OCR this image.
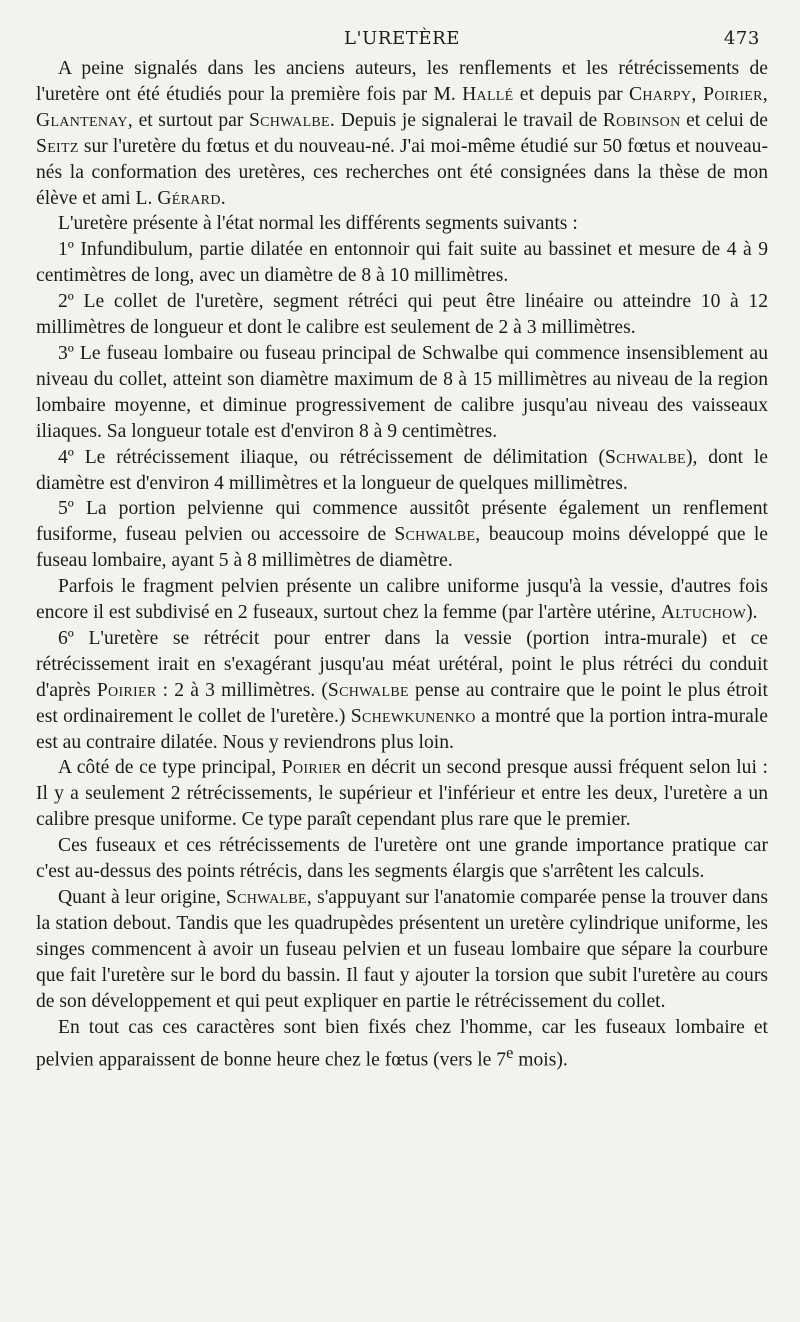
L'URETÈRE	473

A peine signalés dans les anciens auteurs, les renflements et les rétrécissements de l'uretère ont été étudiés pour la première fois par M. Hallé et depuis par Charpy, Poirier, Glantenay, et surtout par Schwalbe. Depuis je signalerai le travail de Robinson et celui de Seitz sur l'uretère du fœtus et du nouveau-né. J'ai moi-même étudié sur 50 fœtus et nouveau-nés la conformation des uretères, ces recherches ont été consignées dans la thèse de mon élève et ami L. Gérard.

L'uretère présente à l'état normal les différents segments suivants :

1º Infundibulum, partie dilatée en entonnoir qui fait suite au bassinet et mesure de 4 à 9 centimètres de long, avec un diamètre de 8 à 10 millimètres.

2º Le collet de l'uretère, segment rétréci qui peut être linéaire ou atteindre 10 à 12 millimètres de longueur et dont le calibre est seulement de 2 à 3 millimètres.

3º Le fuseau lombaire ou fuseau principal de Schwalbe qui commence insensiblement au niveau du collet, atteint son diamètre maximum de 8 à 15 millimètres au niveau de la region lombaire moyenne, et diminue progressivement de calibre jusqu'au niveau des vaisseaux iliaques. Sa longueur totale est d'environ 8 à 9 centimètres.

4º Le rétrécissement iliaque, ou rétrécissement de délimitation (Schwalbe), dont le diamètre est d'environ 4 millimètres et la longueur de quelques millimètres.

5º La portion pelvienne qui commence aussitôt présente également un renflement fusiforme, fuseau pelvien ou accessoire de Schwalbe, beaucoup moins développé que le fuseau lombaire, ayant 5 à 8 millimètres de diamètre.

Parfois le fragment pelvien présente un calibre uniforme jusqu'à la vessie, d'autres fois encore il est subdivisé en 2 fuseaux, surtout chez la femme (par l'artère utérine, Altuchow).

6º L'uretère se rétrécit pour entrer dans la vessie (portion intra-murale) et ce rétrécissement irait en s'exagérant jusqu'au méat urétéral, point le plus rétréci du conduit d'après Poirier : 2 à 3 millimètres. (Schwalbe pense au contraire que le point le plus étroit est ordinairement le collet de l'uretère.) Schewkunenko a montré que la portion intra-murale est au contraire dilatée. Nous y reviendrons plus loin.

A côté de ce type principal, Poirier en décrit un second presque aussi fréquent selon lui : Il y a seulement 2 rétrécissements, le supérieur et l'inférieur et entre les deux, l'uretère a un calibre presque uniforme. Ce type paraît cependant plus rare que le premier.

Ces fuseaux et ces rétrécissements de l'uretère ont une grande importance pratique car c'est au-dessus des points rétrécis, dans les segments élargis que s'arrêtent les calculs.

Quant à leur origine, Schwalbe, s'appuyant sur l'anatomie comparée pense la trouver dans la station debout. Tandis que les quadrupèdes présentent un uretère cylindrique uniforme, les singes commencent à avoir un fuseau pelvien et un fuseau lombaire que sépare la courbure que fait l'uretère sur le bord du bassin. Il faut y ajouter la torsion que subit l'uretère au cours de son développement et qui peut expliquer en partie le rétrécissement du collet.

En tout cas ces caractères sont bien fixés chez l'homme, car les fuseaux lombaire et pelvien apparaissent de bonne heure chez le fœtus (vers le 7e mois).
